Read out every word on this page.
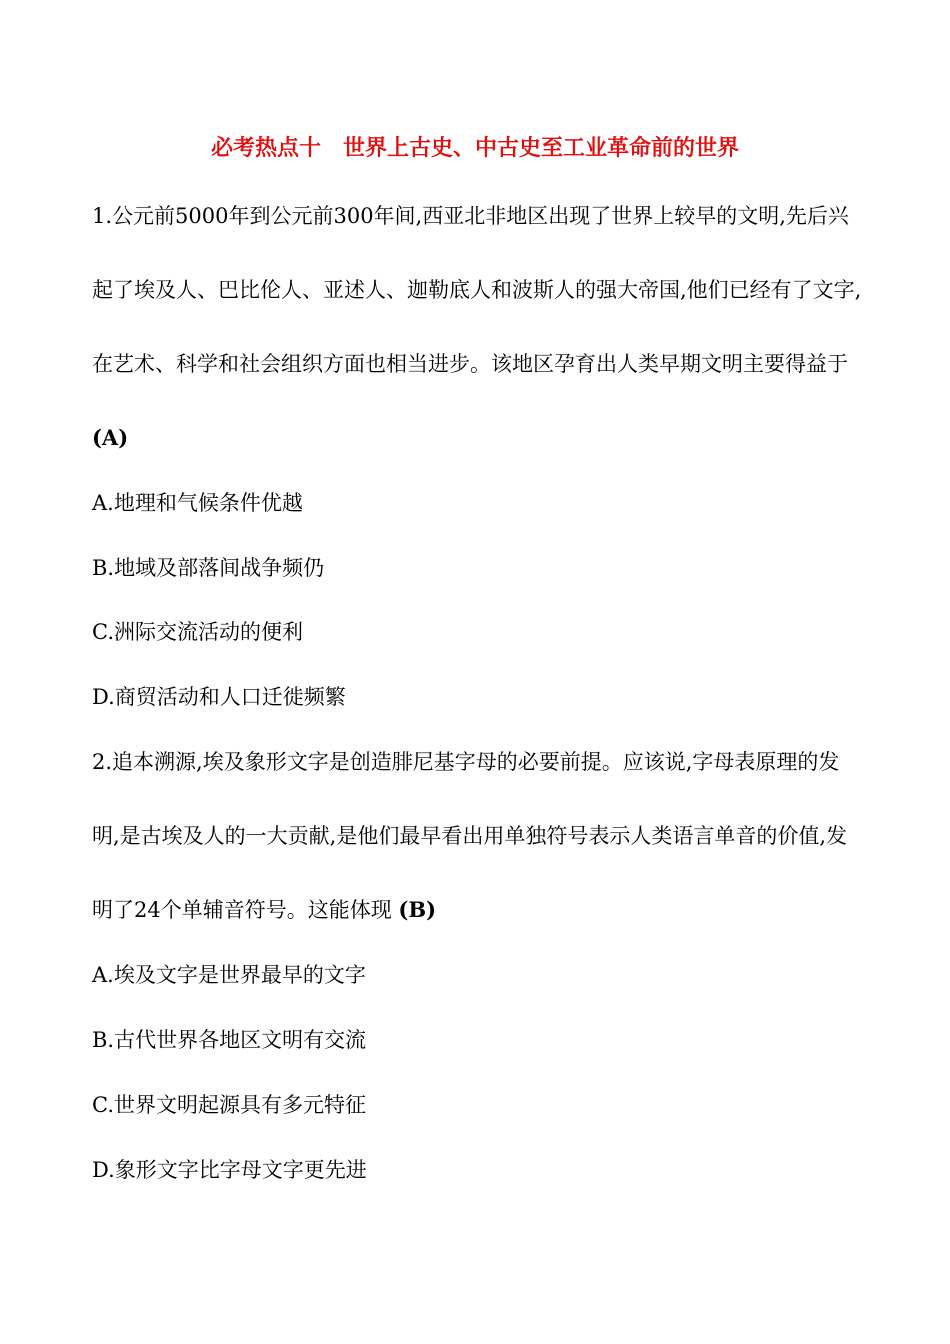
必考热点十　世界上古史、中古史至工业革命前的世界

1.公元前5000年到公元前300年间,西亚北非地区出现了世界上较早的文明,先后兴起了埃及人、巴比伦人、亚述人、迦勒底人和波斯人的强大帝国,他们已经有了文字,在艺术、科学和社会组织方面也相当进步。该地区孕育出人类早期文明主要得益于(A)

A.地理和气候条件优越
B.地域及部落间战争频仍
C.洲际交流活动的便利
D.商贸活动和人口迁徙频繁

2.追本溯源,埃及象形文字是创造腓尼基字母的必要前提。应该说,字母表原理的发明,是古埃及人的一大贡献,是他们最早看出用单独符号表示人类语言单音的价值,发明了24个单辅音符号。这能体现 (B)

A.埃及文字是世界最早的文字
B.古代世界各地区文明有交流
C.世界文明起源具有多元特征
D.象形文字比字母文字更先进
